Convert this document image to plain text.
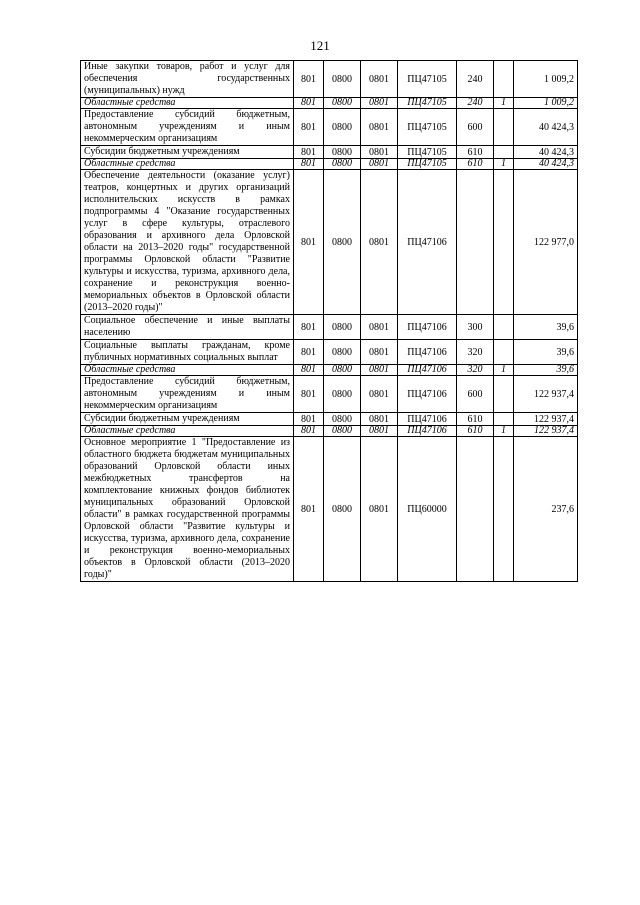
121
Иные закупки товаров, работ и услуг для обеспечения государственных (муниципальных) нужд	801	0800	0801	ПЦ47105	240		1 009,2
Областные средства	801	0800	0801	ПЦ47105	240	1	1 009,2
Предоставление субсидий бюджетным, автономным учреждениям и иным некоммерческим организациям	801	0800	0801	ПЦ47105	600		40 424,3
Субсидии бюджетным учреждениям	801	0800	0801	ПЦ47105	610		40 424,3
Областные средства	801	0800	0801	ПЦ47105	610	1	40 424,3
Обеспечение деятельности (оказание услуг) театров, концертных и других организаций исполнительских искусств в рамках подпрограммы 4 "Оказание государственных услуг в сфере культуры, отраслевого образования и архивного дела Орловской области на 2013–2020 годы" государственной программы Орловской области "Развитие культуры и искусства, туризма, архивного дела, сохранение и реконструкция военно-мемориальных объектов в Орловской области (2013–2020 годы)"	801	0800	0801	ПЦ47106			122 977,0
Социальное обеспечение и иные выплаты населению	801	0800	0801	ПЦ47106	300		39,6
Социальные выплаты гражданам, кроме публичных нормативных социальных выплат	801	0800	0801	ПЦ47106	320		39,6
Областные средства	801	0800	0801	ПЦ47106	320	1	39,6
Предоставление субсидий бюджетным, автономным учреждениям и иным некоммерческим организациям	801	0800	0801	ПЦ47106	600		122 937,4
Субсидии бюджетным учреждениям	801	0800	0801	ПЦ47106	610		122 937,4
Областные средства	801	0800	0801	ПЦ47106	610	1	122 937,4
Основное мероприятие 1 "Предоставление из областного бюджета бюджетам муниципальных образований Орловской области иных межбюджетных трансфертов на комплектование книжных фондов библиотек муниципальных образований Орловской области" в рамках государственной программы Орловской области "Развитие культуры и искусства, туризма, архивного дела, сохранение и реконструкция военно-мемориальных объектов в Орловской области (2013–2020 годы)"	801	0800	0801	ПЦ60000			237,6
